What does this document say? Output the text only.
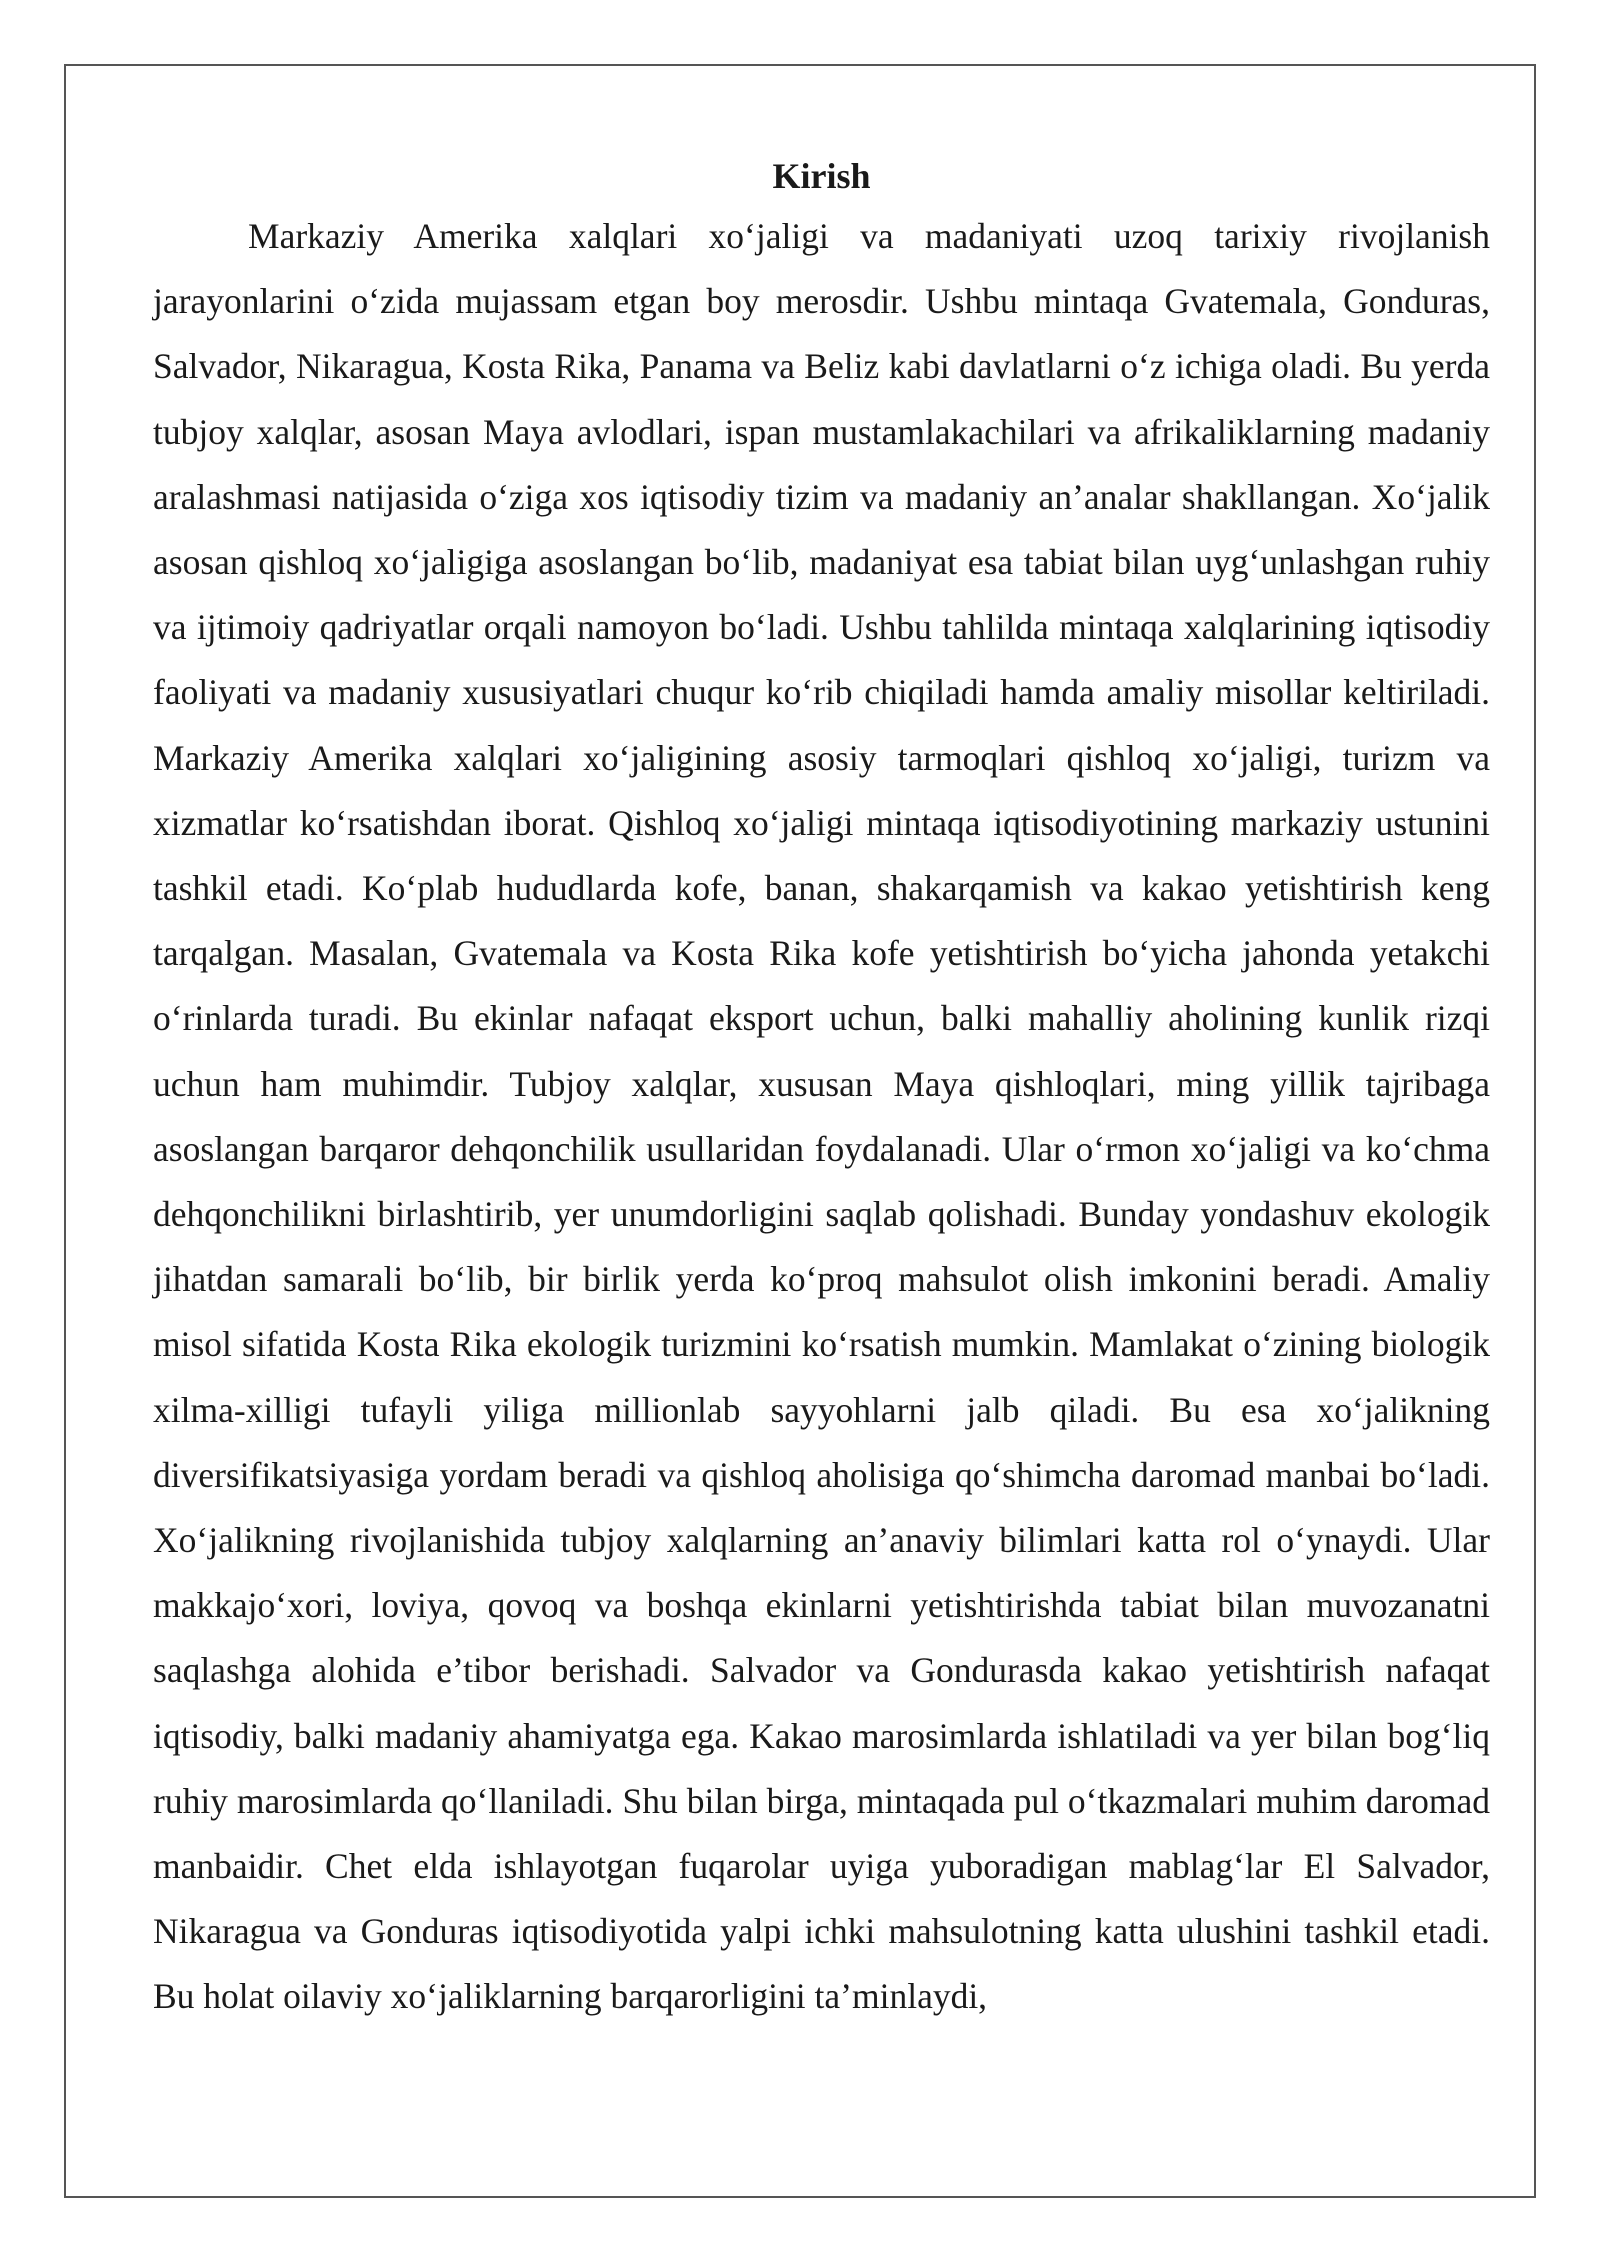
Kirish

Markaziy Amerika xalqlari xo‘jaligi va madaniyati uzoq tarixiy rivojlanish jarayonlarini o‘zida mujassam etgan boy merosdir. Ushbu mintaqa Gvatemala, Gonduras, Salvador, Nikaragua, Kosta Rika, Panama va Beliz kabi davlatlarni o‘z ichiga oladi. Bu yerda tubjoy xalqlar, asosan Maya avlodlari, ispan mustamlakachilari va afrikaliklarning madaniy aralashmasi natijasida o‘ziga xos iqtisodiy tizim va madaniy an’analar shakllangan. Xo‘jalik asosan qishloq xo‘jaligiga asoslangan bo‘lib, madaniyat esa tabiat bilan uyg‘unlashgan ruhiy va ijtimoiy qadriyatlar orqali namoyon bo‘ladi. Ushbu tahlilda mintaqa xalqlarining iqtisodiy faoliyati va madaniy xususiyatlari chuqur ko‘rib chiqiladi hamda amaliy misollar keltiriladi. Markaziy Amerika xalqlari xo‘jaligining asosiy tarmoqlari qishloq xo‘jaligi, turizm va xizmatlar ko‘rsatishdan iborat. Qishloq xo‘jaligi mintaqa iqtisodiyotining markaziy ustunini tashkil etadi. Ko‘plab hududlarda kofe, banan, shakarqamish va kakao yetishtirish keng tarqalgan. Masalan, Gvatemala va Kosta Rika kofe yetishtirish bo‘yicha jahonda yetakchi o‘rinlarda turadi. Bu ekinlar nafaqat eksport uchun, balki mahalliy aholining kunlik rizqi uchun ham muhimdir. Tubjoy xalqlar, xususan Maya qishloqlari, ming yillik tajribaga asoslangan barqaror dehqonchilik usullaridan foydalanadi. Ular o‘rmon xo‘jaligi va ko‘chma dehqonchilikni birlashtirib, yer unumdorligini saqlab qolishadi. Bunday yondashuv ekologik jihatdan samarali bo‘lib, bir birlik yerda ko‘proq mahsulot olish imkonini beradi. Amaliy misol sifatida Kosta Rika ekologik turizmini ko‘rsatish mumkin. Mamlakat o‘zining biologik xilma-xilligi tufayli yiliga millionlab sayyohlarni jalb qiladi. Bu esa xo‘jalikning diversifikatsiyasiga yordam beradi va qishloq aholisiga qo‘shimcha daromad manbai bo‘ladi. Xo‘jalikning rivojlanishida tubjoy xalqlarning an’anaviy bilimlari katta rol o‘ynaydi. Ular makkajo‘xori, loviya, qovoq va boshqa ekinlarni yetishtirishda tabiat bilan muvozanatni saqlashga alohida e’tibor berishadi. Salvador va Gondurasda kakao yetishtirish nafaqat iqtisodiy, balki madaniy ahamiyatga ega. Kakao marosimlarda ishlatiladi va yer bilan bog‘liq ruhiy marosimlarda qo‘llaniladi. Shu bilan birga, mintaqada pul o‘tkazmalari muhim daromad manbaidir. Chet elda ishlayotgan fuqarolar uyiga yuboradigan mablag‘lar El Salvador, Nikaragua va Gonduras iqtisodiyotida yalpi ichki mahsulotning katta ulushini tashkil etadi. Bu holat oilaviy xo‘jaliklarning barqarorligini ta’minlaydi,
